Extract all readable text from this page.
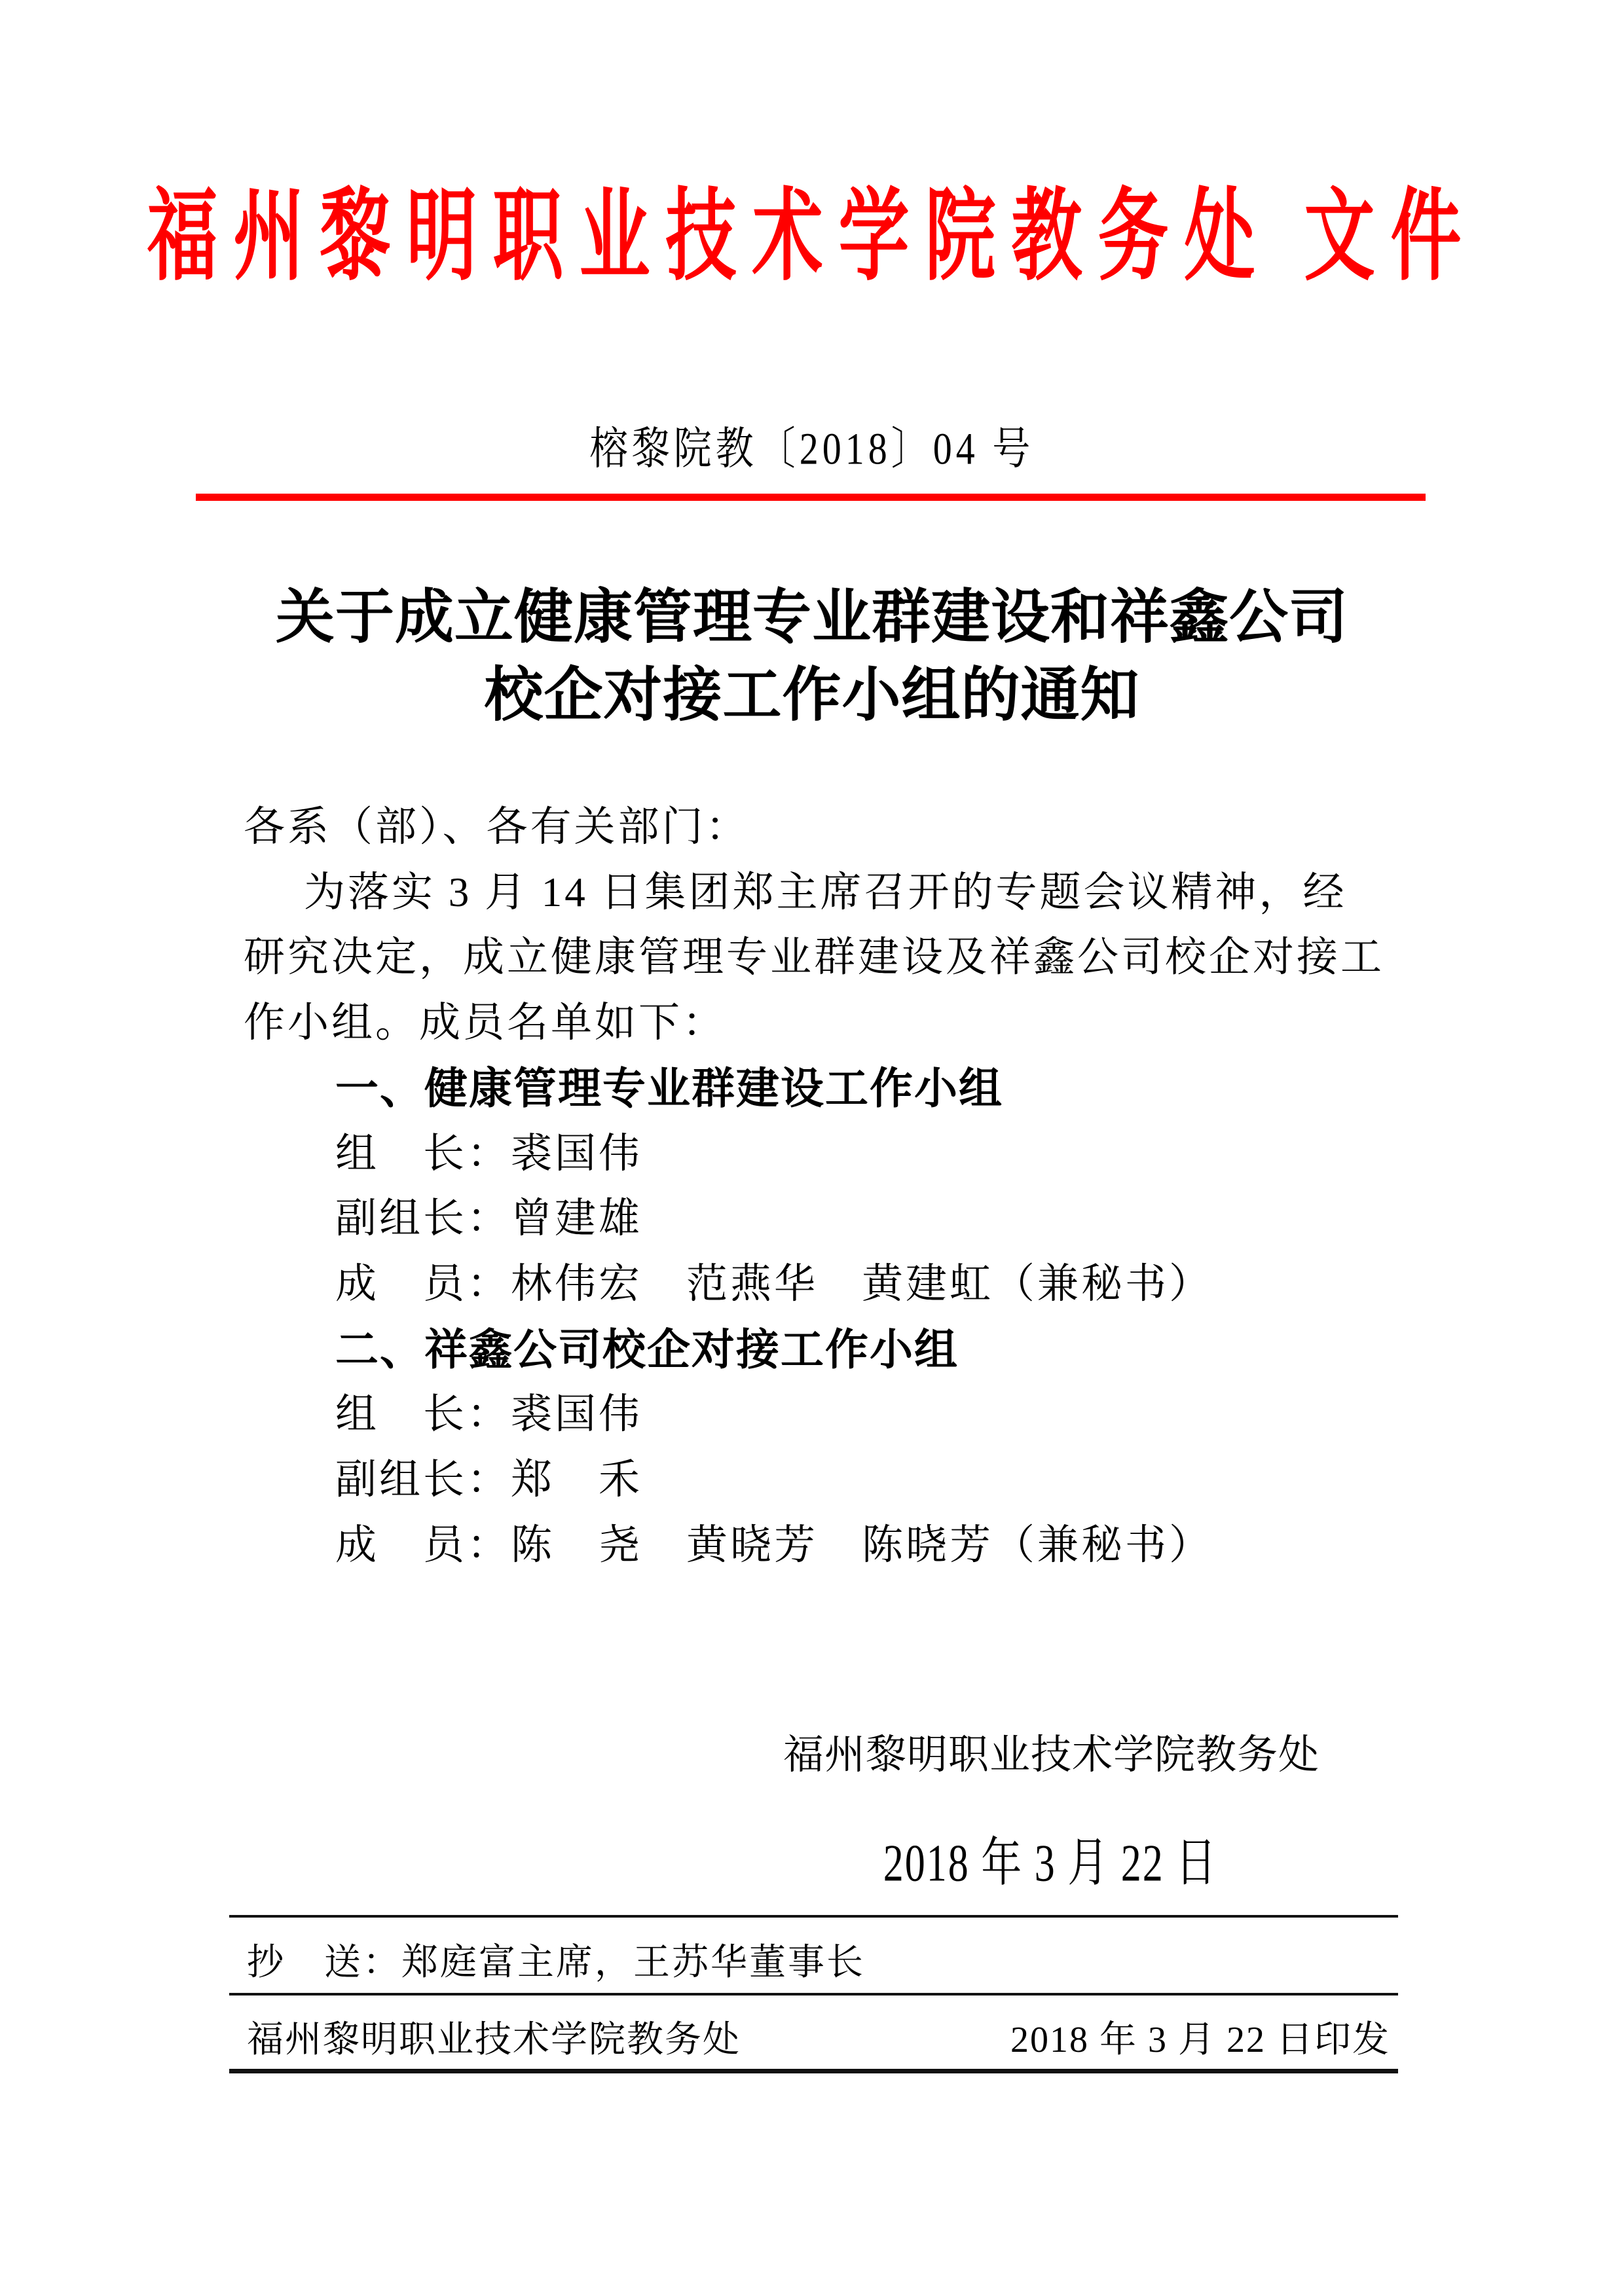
福州黎明职业技术学院教务处 文件
榕黎院教〔2018〕04 号
关于成立健康管理专业群建设和祥鑫公司
校企对接工作小组的通知

各系（部）、各有关部门：

为落实 3 月 14 日集团郑主席召开的专题会议精神，经

研究决定，成立健康管理专业群建设及祥鑫公司校企对接工

作小组。成员名单如下：

一、健康管理专业群建设工作小组

组　长：裘国伟

副组长：曾建雄

成　员：林伟宏　范燕华　黄建虹（兼秘书）

二、祥鑫公司校企对接工作小组

组　长：裘国伟

副组长：郑　禾

成　员：陈　尧　黄晓芳　陈晓芳（兼秘书）

福州黎明职业技术学院教务处
2018 年 3 月 22 日
抄　送：郑庭富主席，王苏华董事长
福州黎明职业技术学院教务处	2018 年 3 月 22 日印发
